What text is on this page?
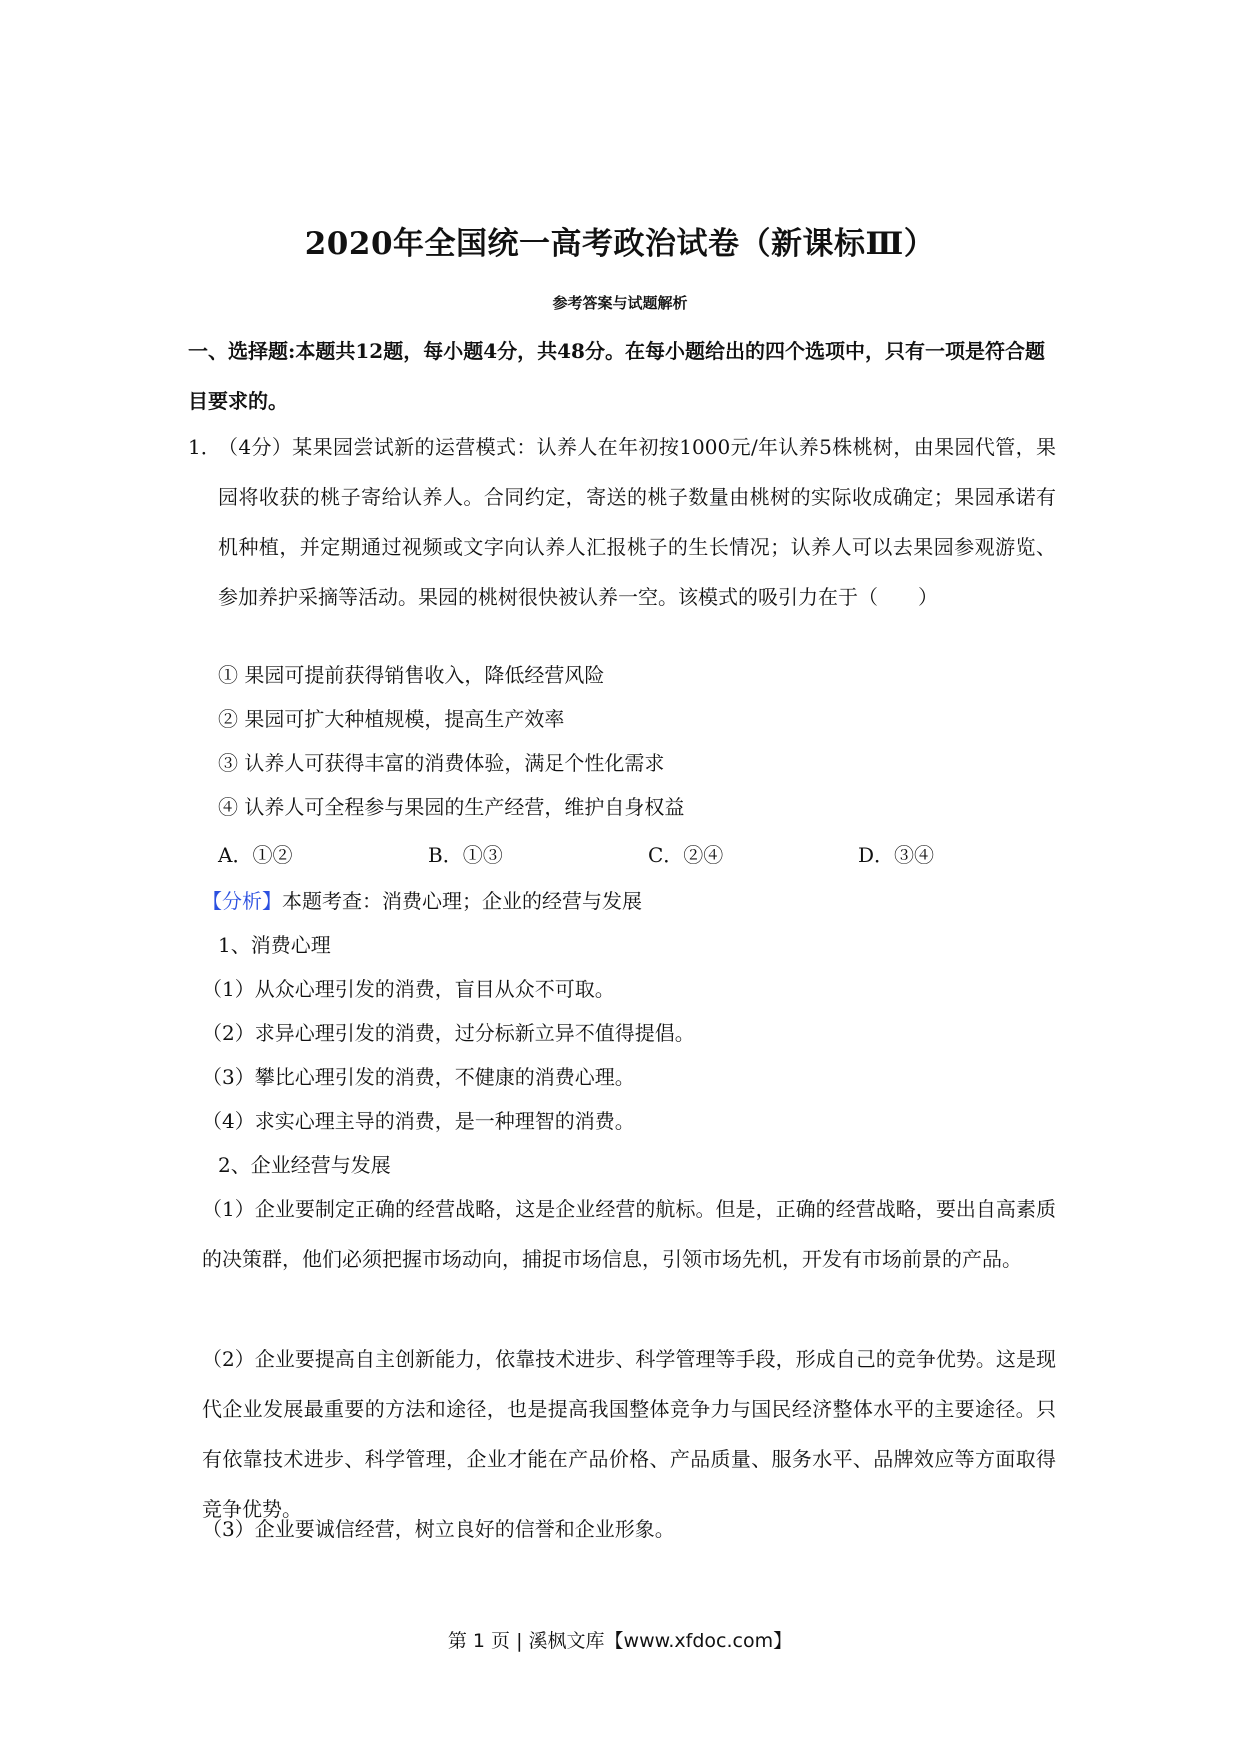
2020年全国统一高考政治试卷（新课标Ⅲ）
参考答案与试题解析
一、选择题:本题共12题，每小题4分，共48分。在每小题给出的四个选项中，只有一项是符合题目要求的。
1．
（4分）某果园尝试新的运营模式：认养人在年初按1000元/年认养5株桃树，由果园代管，果园将收获的桃子寄给认养人。合同约定，寄送的桃子数量由桃树的实际收成确定；果园承诺有机种植，并定期通过视频或文字向认养人汇报桃子的生长情况；认养人可以去果园参观游览、参加养护采摘等活动。果园的桃树很快被认养一空。该模式的吸引力在于（　　）
① 果园可提前获得销售收入，降低经营风险
② 果园可扩大种植规模，提高生产效率
③ 认养人可获得丰富的消费体验，满足个性化需求
④ 认养人可全程参与果园的生产经营，维护自身权益
A．①②	B．①③	C．②④	D．③④
【分析】本题考查：消费心理；企业的经营与发展
1、消费心理
（1）从众心理引发的消费，盲目从众不可取。
（2）求异心理引发的消费，过分标新立异不值得提倡。
（3）攀比心理引发的消费，不健康的消费心理。
（4）求实心理主导的消费，是一种理智的消费。
2、企业经营与发展
（1）企业要制定正确的经营战略，这是企业经营的航标。但是，正确的经营战略，要出自高素质的决策群，他们必须把握市场动向，捕捉市场信息，引领市场先机，开发有市场前景的产品。
（2）企业要提高自主创新能力，依靠技术进步、科学管理等手段，形成自己的竞争优势。这是现代企业发展最重要的方法和途径，也是提高我国整体竞争力与国民经济整体水平的主要途径。只有依靠技术进步、科学管理，企业才能在产品价格、产品质量、服务水平、品牌效应等方面取得竞争优势。
（3）企业要诚信经营，树立良好的信誉和企业形象。
第 1 页 | 溪枫文库【www.xfdoc.com】
